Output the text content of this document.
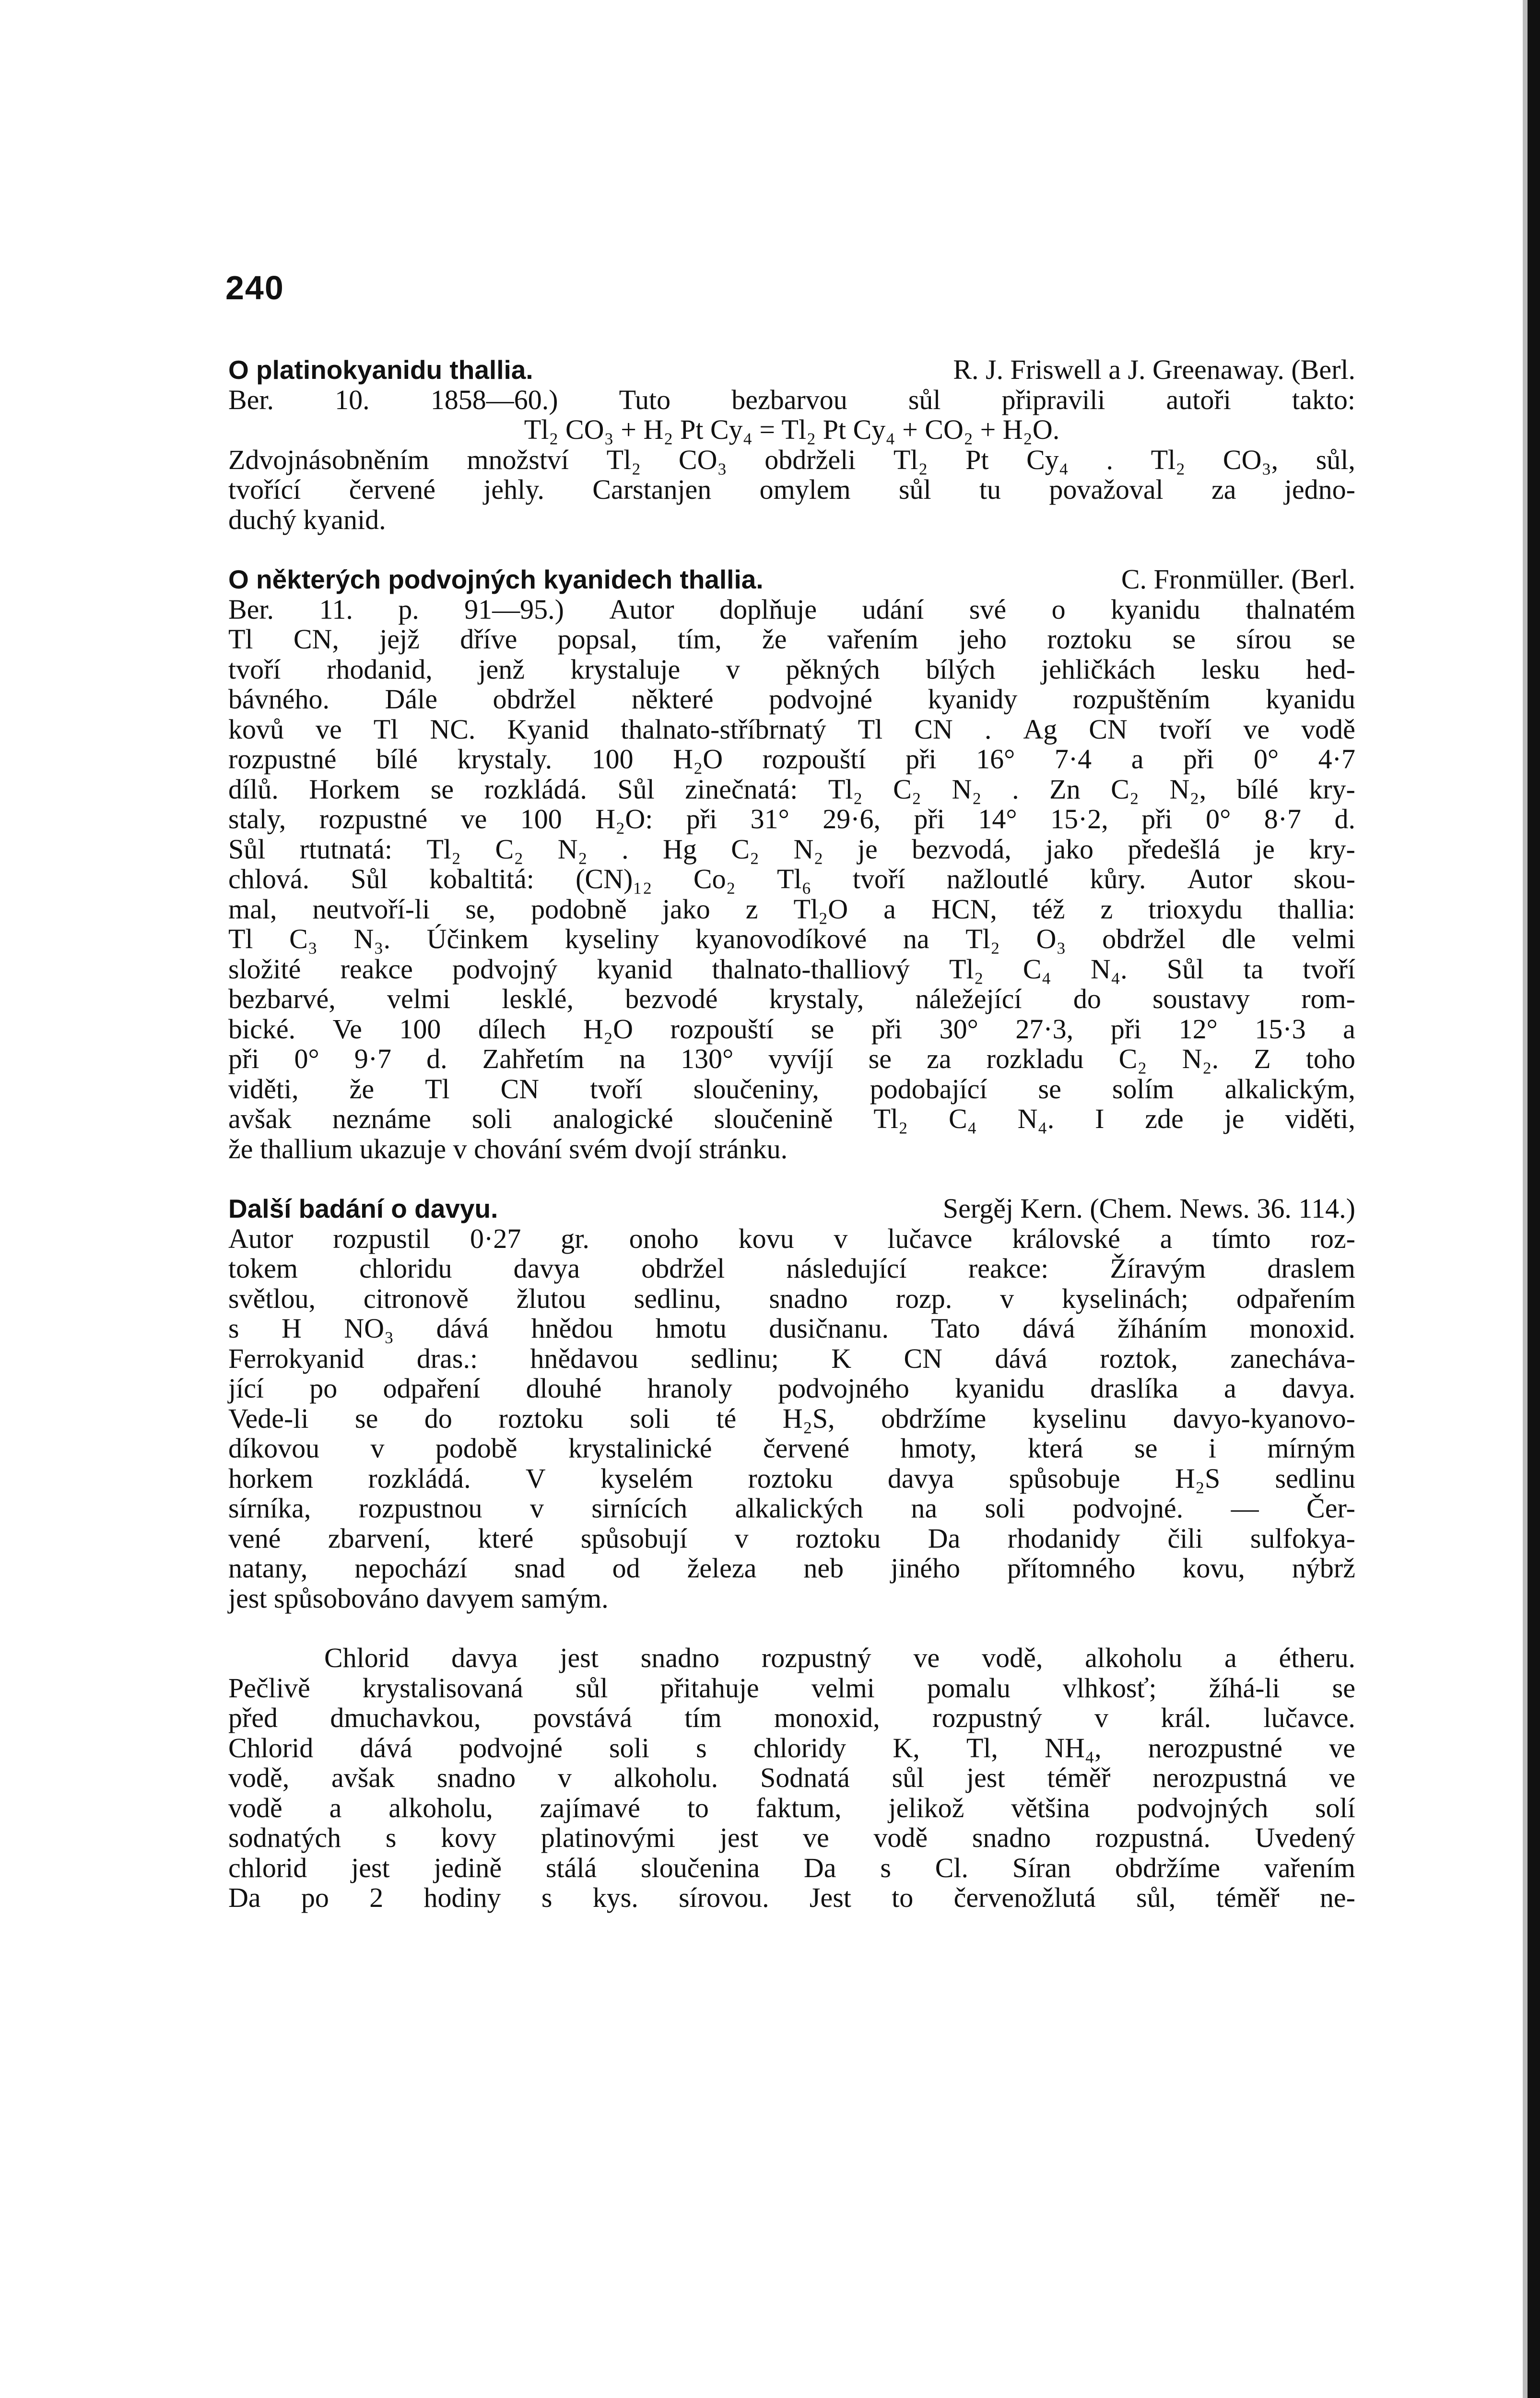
240
O platinokyanidu thallia.	R. J. Friswell a J. Greenaway. (Berl.
Ber. 10. 1858—60.) Tuto bezbarvou sůl připravili autoři takto:
Tl₂ CO₃ + H₂ Pt Cy₄ = Tl₂ Pt Cy₄ + CO₂ + H₂O.
Zdvojnásobněním množství Tl₂ CO₃ obdrželi Tl₂ Pt Cy₄ . Tl₂ CO₃, sůl,
tvořící červené jehly. Carstanjen omylem sůl tu považoval za jedno-
duchý kyanid.
O některých podvojných kyanidech thallia.	C. Fronmüller. (Berl.
Ber. 11. p. 91—95.) Autor doplňuje udání své o kyanidu thalnatém
Tl CN, jejž dříve popsal, tím, že vařením jeho roztoku se sírou se
tvoří rhodanid, jenž krystaluje v pěkných bílých jehličkách lesku hed-
bávného. Dále obdržel některé podvojné kyanidy rozpuštěním kyanidu
kovů ve Tl NC. Kyanid thalnato-stříbrnatý Tl CN . Ag CN tvoří ve vodě
rozpustné bílé krystaly. 100 H₂O rozpouští při 16° 7·4 a při 0° 4·7
dílů. Horkem se rozkládá. Sůl zinečnatá: Tl₂ C₂ N₂ . Zn C₂ N₂, bílé kry-
staly, rozpustné ve 100 H₂O: při 31° 29·6, při 14° 15·2, při 0° 8·7 d.
Sůl rtutnatá: Tl₂ C₂ N₂ . Hg C₂ N₂ je bezvodá, jako předešlá je kry-
chlová. Sůl kobaltitá: (CN)₁₂ Co₂ Tl₆ tvoří nažloutlé kůry. Autor skou-
mal, neutvoří-li se, podobně jako z Tl₂O a HCN, též z trioxydu thallia:
Tl C₃ N₃. Účinkem kyseliny kyanovodíkové na Tl₂ O₃ obdržel dle velmi
složité reakce podvojný kyanid thalnato-thalliový Tl₂ C₄ N₄. Sůl ta tvoří
bezbarvé, velmi lesklé, bezvodé krystaly, náležející do soustavy rom-
bické. Ve 100 dílech H₂O rozpouští se při 30° 27·3, při 12° 15·3 a
při 0° 9·7 d. Zahřetím na 130° vyvíjí se za rozkladu C₂ N₂. Z toho
viděti, že Tl CN tvoří sloučeniny, podobající se solím alkalickým,
avšak neznáme soli analogické sloučenině Tl₂ C₄ N₄. I zde je viděti,
že thallium ukazuje v chování svém dvojí stránku.
Další badání o davyu.	Sergěj Kern. (Chem. News. 36. 114.)
Autor rozpustil 0·27 gr. onoho kovu v lučavce královské a tímto roz-
tokem chloridu davya obdržel následující reakce: Žíravým draslem
světlou, citronově žlutou sedlinu, snadno rozp. v kyselinách; odpařením
s H NO₃ dává hnědou hmotu dusičnanu. Tato dává žíháním monoxid.
Ferrokyanid dras.: hnědavou sedlinu; K CN dává roztok, zanecháva-
jící po odpaření dlouhé hranoly podvojného kyanidu draslíka a davya.
Vede-li se do roztoku soli té H₂S, obdržíme kyselinu davyo-kyanovo-
díkovou v podobě krystalinické červené hmoty, která se i mírným
horkem rozkládá. V kyselém roztoku davya spůsobuje H₂S sedlinu
sírníka, rozpustnou v sirnících alkalických na soli podvojné. — Čer-
vené zbarvení, které spůsobují v roztoku Da rhodanidy čili sulfokya-
natany, nepochází snad od železa neb jiného přítomného kovu, nýbrž
jest spůsobováno davyem samým.
Chlorid davya jest snadno rozpustný ve vodě, alkoholu a étheru.
Pečlivě krystalisovaná sůl přitahuje velmi pomalu vlhkosť; žíhá-li se
před dmuchavkou, povstává tím monoxid, rozpustný v král. lučavce.
Chlorid dává podvojné soli s chloridy K, Tl, NH₄, nerozpustné ve
vodě, avšak snadno v alkoholu. Sodnatá sůl jest téměř nerozpustná ve
vodě a alkoholu, zajímavé to faktum, jelikož většina podvojných solí
sodnatých s kovy platinovými jest ve vodě snadno rozpustná. Uvedený
chlorid jest jedině stálá sloučenina Da s Cl. Síran obdržíme vařením
Da po 2 hodiny s kys. sírovou. Jest to červenožlutá sůl, téměř ne-
